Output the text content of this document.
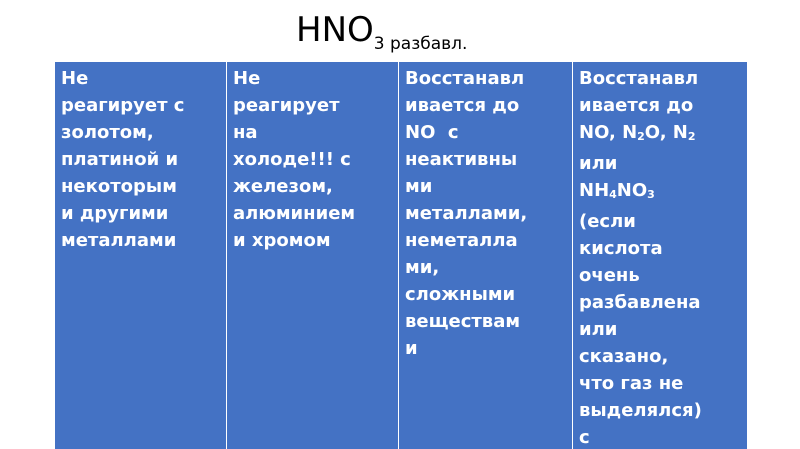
HNO3 разбавл.
Не
реагирует с
золотом,
платиной и
некоторым
и другими
металлами
Не
реагирует
на
холоде!!! с
железом,
алюминием
и хромом
Восстанавл
ивается до
NO  с
неактивны
ми
металлами,
неметалла
ми,
сложными
веществам
и
Восстанавл
ивается до
NO, $N_2O$, $N_2$
или
$NH_4NO_3$
(если
кислота
очень
разбавлена
или
сказано,
что газ не
выделялся)
с
